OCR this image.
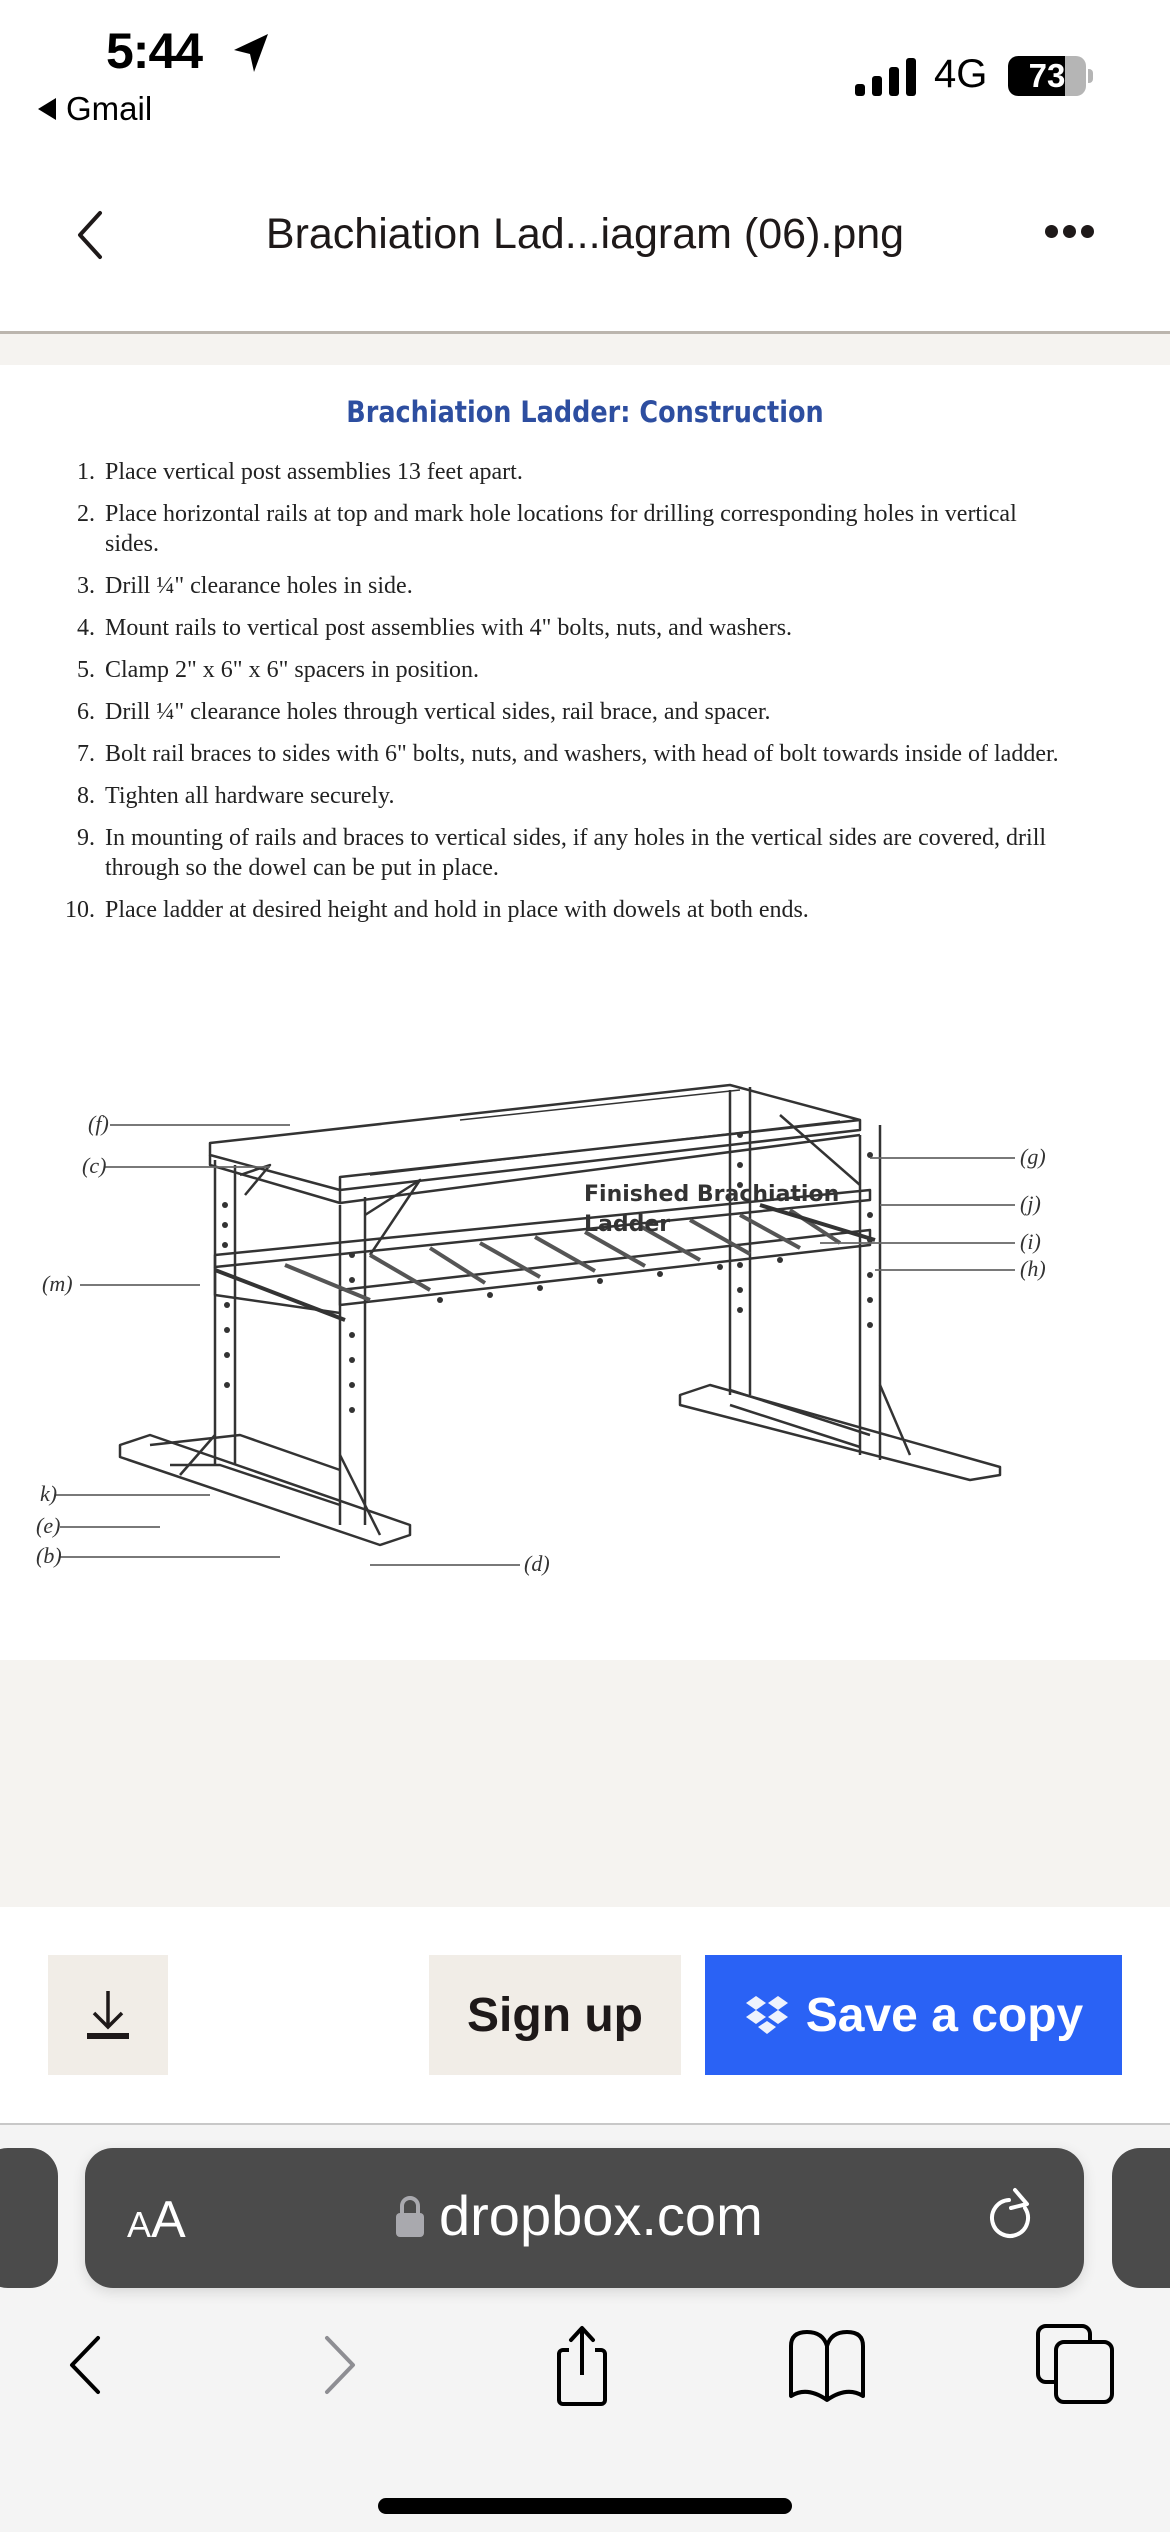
5:44
Gmail
4G	73
Brachiation Lad...iagram (06).png
Brachiation Ladder: Construction
1. Place vertical post assemblies 13 feet apart.
2. Place horizontal rails at top and mark hole locations for drilling corresponding holes in vertical sides.
3. Drill ¼" clearance holes in side.
4. Mount rails to vertical post assemblies with 4" bolts, nuts, and washers.
5. Clamp 2" x 6" x 6" spacers in position.
6. Drill ¼" clearance holes through vertical sides, rail brace, and spacer.
7. Bolt rail braces to sides with 6" bolts, nuts, and washers, with head of bolt towards inside of ladder.
8. Tighten all hardware securely.
9. In mounting of rails and braces to vertical sides, if any holes in the vertical sides are covered, drill through so the dowel can be put in place.
10. Place ladder at desired height and hold in place with dowels at both ends.
(f)
(c)
(m)
k)
(e)
(b)	(d)
(g)
(j)
(i)
(h)
Finished Brachiation
Ladder
Sign up	Save a copy
AA	dropbox.com
